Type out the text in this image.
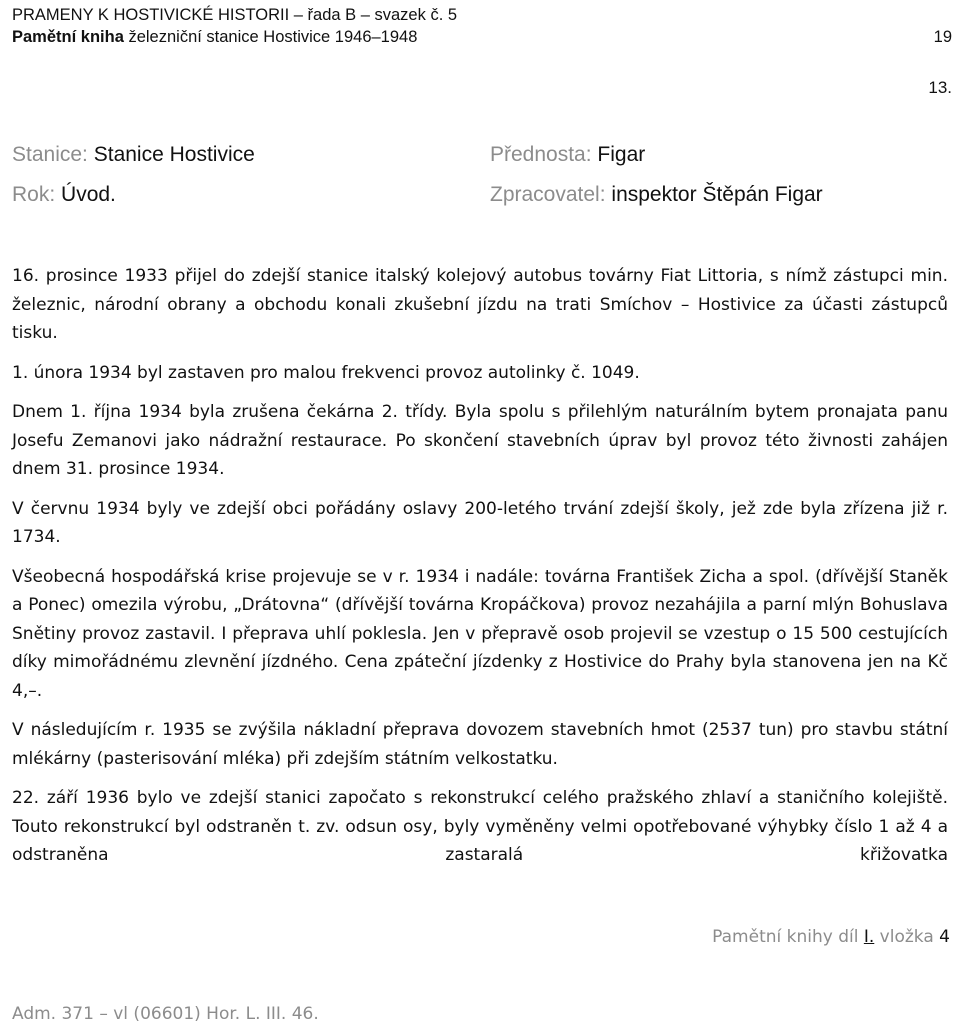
PRAMENY K HOSTIVICKÉ HISTORII – řada B – svazek č. 5
Pamětní kniha železniční stanice Hostivice 1946–1948	19
13.
Stanice: Stanice Hostivice	Přednosta: Figar
Rok: Úvod.	Zpracovatel: inspektor Štěpán Figar

16. prosince 1933 přijel do zdejší stanice italský kolejový autobus továrny Fiat Littoria, s nímž zástupci min. železnic, národní obrany a obchodu konali zkušební jízdu na trati Smíchov – Hostivice za účasti zástupců tisku.

1. února 1934 byl zastaven pro malou frekvenci provoz autolinky č. 1049.

Dnem 1. října 1934 byla zrušena čekárna 2. třídy. Byla spolu s přilehlým naturálním bytem pronajata panu Josefu Zemanovi jako nádražní restaurace. Po skončení stavebních úprav byl provoz této živnosti zahájen dnem 31. prosince 1934.

V červnu 1934 byly ve zdejší obci pořádány oslavy 200-letého trvání zdejší školy, jež zde byla zřízena již r. 1734.

Všeobecná hospodářská krise projevuje se v r. 1934 i nadále: továrna František Zicha a spol. (dřívější Staněk a Ponec) omezila výrobu, „Drátovna“ (dřívější továrna Kropáčkova) provoz nezahájila a parní mlýn Bohuslava Snětiny provoz zastavil. I přeprava uhlí poklesla. Jen v přepravě osob projevil se vzestup o 15 500 cestujících díky mimořádnému zlevnění jízdného. Cena zpáteční jízdenky z Hostivice do Prahy byla stanovena jen na Kč 4,–.

V následujícím r. 1935 se zvýšila nákladní přeprava dovozem stavebních hmot (2537 tun) pro stavbu státní mlékárny (pasterisování mléka) při zdejším státním velkostatku.

22. září 1936 bylo ve zdejší stanici započato s rekonstrukcí celého pražského zhlaví a staničního kolejiště. Touto rekonstrukcí byl odstraněn t. zv. odsun osy, byly vyměněny velmi opotřebované výhybky číslo 1 až 4 a odstraněna zastaralá křižovatka

Pamětní knihy díl I. vložka 4
Adm. 371 – vl (06601) Hor. L. III. 46.
